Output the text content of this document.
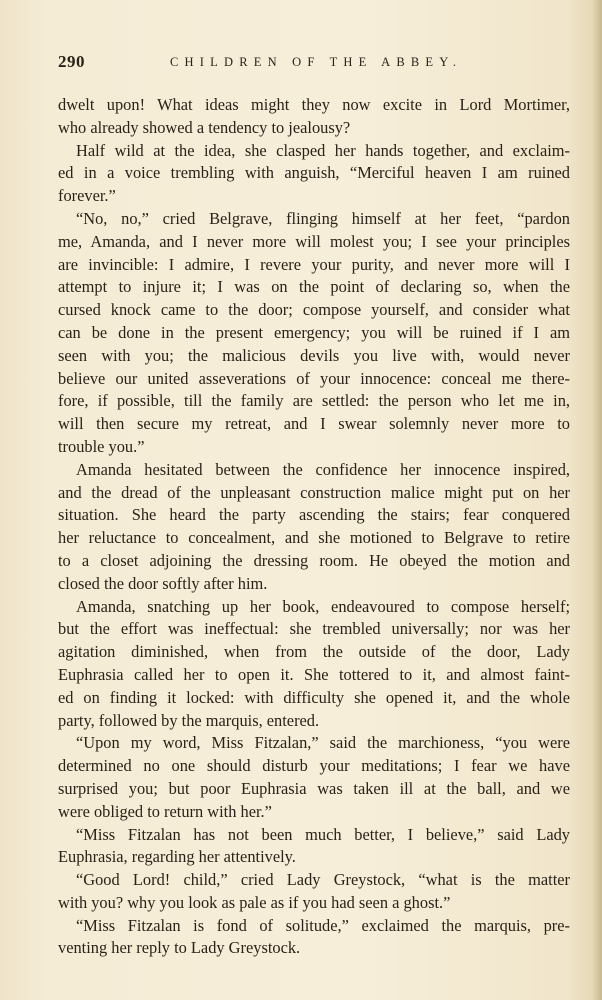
290	CHILDREN OF THE ABBEY.
dwelt upon! What ideas might they now excite in Lord Mortimer,
who already showed a tendency to jealousy?
Half wild at the idea, she clasped her hands together, and exclaim-
ed in a voice trembling with anguish, “Merciful heaven I am ruined
forever.”
“No, no,” cried Belgrave, flinging himself at her feet, “pardon
me, Amanda, and I never more will molest you; I see your principles
are invincible: I admire, I revere your purity, and never more will I
attempt to injure it; I was on the point of declaring so, when the
cursed knock came to the door; compose yourself, and consider what
can be done in the present emergency; you will be ruined if I am
seen with you; the malicious devils you live with, would never
believe our united asseverations of your innocence: conceal me there-
fore, if possible, till the family are settled: the person who let me in,
will then secure my retreat, and I swear solemnly never more to
trouble you.”
Amanda hesitated between the confidence her innocence inspired,
and the dread of the unpleasant construction malice might put on her
situation. She heard the party ascending the stairs; fear conquered
her reluctance to concealment, and she motioned to Belgrave to retire
to a closet adjoining the dressing room. He obeyed the motion and
closed the door softly after him.
Amanda, snatching up her book, endeavoured to compose herself;
but the effort was ineffectual: she trembled universally; nor was her
agitation diminished, when from the outside of the door, Lady
Euphrasia called her to open it. She tottered to it, and almost faint-
ed on finding it locked: with difficulty she opened it, and the whole
party, followed by the marquis, entered.
“Upon my word, Miss Fitzalan,” said the marchioness, “you were
determined no one should disturb your meditations; I fear we have
surprised you; but poor Euphrasia was taken ill at the ball, and we
were obliged to return with her.”
“Miss Fitzalan has not been much better, I believe,” said Lady
Euphrasia, regarding her attentively.
“Good Lord! child,” cried Lady Greystock, “what is the matter
with you? why you look as pale as if you had seen a ghost.”
“Miss Fitzalan is fond of solitude,” exclaimed the marquis, pre-
venting her reply to Lady Greystock.
